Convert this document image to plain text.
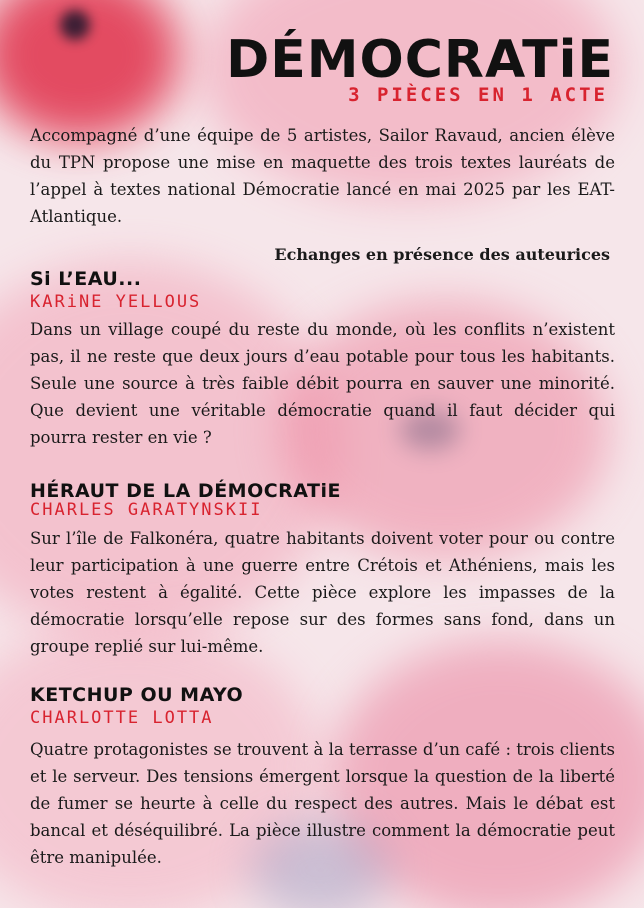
DÉMOCRATiE
3 PIÈCES EN 1 ACTE
Accompagné d’une équipe de 5 artistes, Sailor Ravaud, ancien élève du TPN propose une mise en maquette des trois textes lauréats de l’appel à textes national Démocratie lancé en mai 2025 par les EAT-Atlantique.
Echanges en présence des auteurices
Si L’EAU...
KARiNE YELLOUS
Dans un village coupé du reste du monde, où les conflits n’existent pas, il ne reste que deux jours d’eau potable pour tous les habitants. Seule une source à très faible débit pourra en sauver une minorité. Que devient une véritable démocratie quand il faut décider qui pourra rester en vie ?
HÉRAUT DE LA DÉMOCRATiE
CHARLES GARATYNSKII
Sur l’île de Falkonéra, quatre habitants doivent voter pour ou contre leur participation à une guerre entre Crétois et Athéniens, mais les votes restent à égalité. Cette pièce explore les impasses de la démocratie lorsqu’elle repose sur des formes sans fond, dans un groupe replié sur lui-même.
KETCHUP OU MAYO
CHARLOTTE LOTTA
Quatre protagonistes se trouvent à la terrasse d’un café : trois clients et le serveur. Des tensions émergent lorsque la question de la liberté de fumer se heurte à celle du respect des autres. Mais le débat est bancal et déséquilibré. La pièce illustre comment la démocratie peut être manipulée.
